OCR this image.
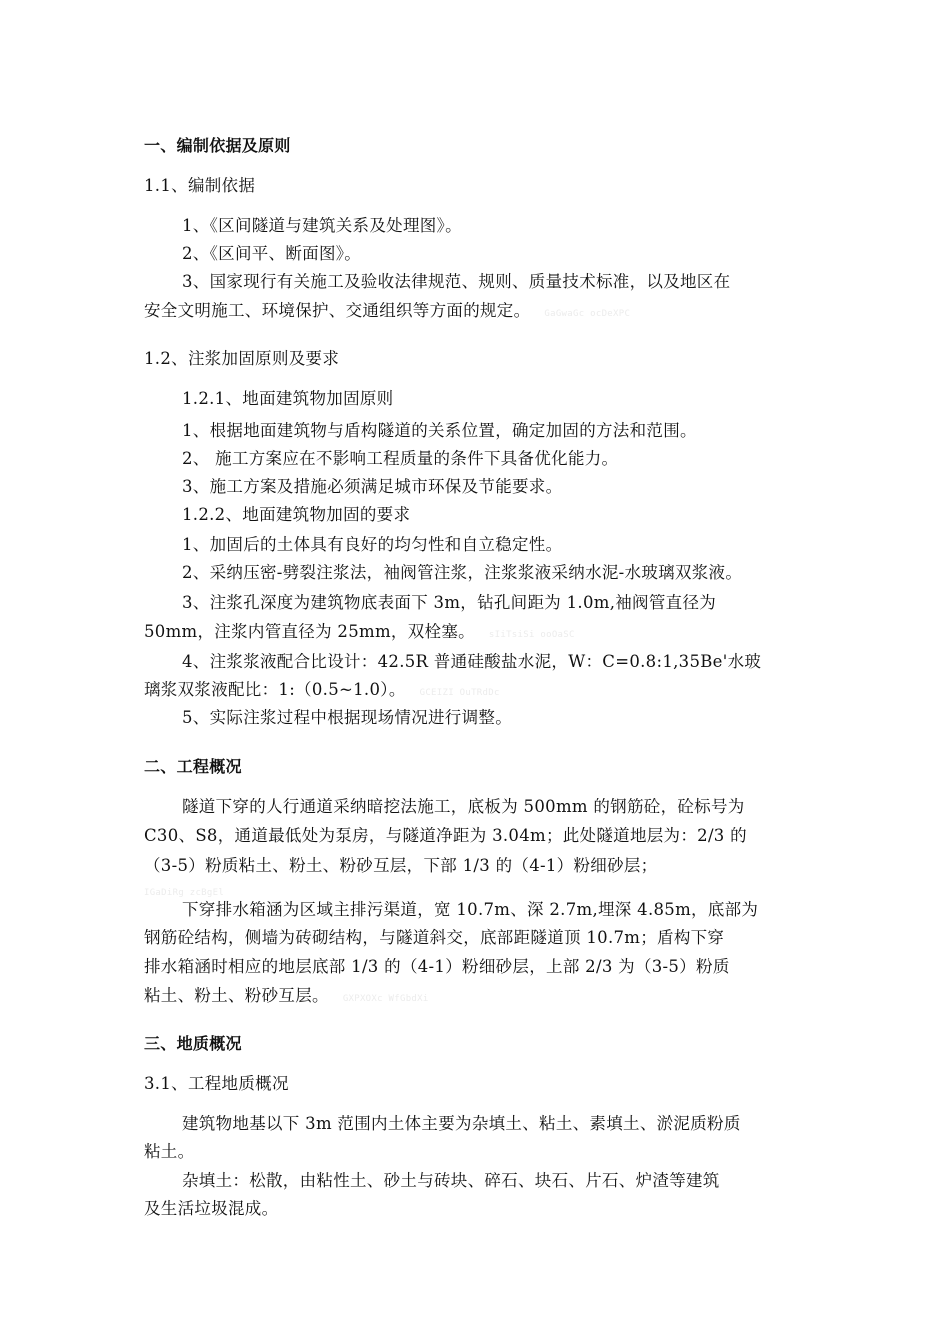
一、编制依据及原则
1.1、编制依据
1、《区间隧道与建筑关系及处理图》。
2、《区间平、断面图》。
3、国家现行有关施工及验收法律规范、规则、质量技术标准，以及地区在
安全文明施工、环境保护、交通组织等方面的规定。 GaGwaGc ocDeXPC
1.2、注浆加固原则及要求
1.2.1、地面建筑物加固原则
1、根据地面建筑物与盾构隧道的关系位置，确定加固的方法和范围。
2、 施工方案应在不影响工程质量的条件下具备优化能力。
3、施工方案及措施必须满足城市环保及节能要求。
1.2.2、地面建筑物加固的要求
1、加固后的土体具有良好的均匀性和自立稳定性。
2、采纳压密-劈裂注浆法，袖阀管注浆，注浆浆液采纳水泥-水玻璃双浆液。
3、注浆孔深度为建筑物底表面下 3m，钻孔间距为 1.0m,袖阀管直径为
50mm，注浆内管直径为 25mm，双栓塞。 sIiTsiSi ooOaSC
4、注浆浆液配合比设计：42.5R 普通硅酸盐水泥，W：C=0.8:1,35Be'水玻
璃浆双浆液配比：1:（0.5~1.0）。 GCEIZI OuTRdDc
5、实际注浆过程中根据现场情况进行调整。
二、工程概况
隧道下穿的人行通道采纳暗挖法施工，底板为 500mm 的钢筋砼，砼标号为
C30、S8，通道最低处为泵房，与隧道净距为 3.04m；此处隧道地层为：2/3 的
（3-5）粉质粘土、粉土、粉砂互层，下部 1/3 的（4-1）粉细砂层；
IGaDiRg zcBgEl
下穿排水箱涵为区域主排污渠道，宽 10.7m、深 2.7m,埋深 4.85m，底部为
钢筋砼结构，侧墙为砖砌结构，与隧道斜交，底部距隧道顶 10.7m；盾构下穿
排水箱涵时相应的地层底部 1/3 的（4-1）粉细砂层，上部 2/3 为（3-5）粉质
粘土、粉土、粉砂互层。 GXPXOXc WfGbdXi
三、地质概况
3.1、工程地质概况
建筑物地基以下 3m 范围内土体主要为杂填土、粘土、素填土、淤泥质粉质
粘土。
杂填土：松散，由粘性土、砂土与砖块、碎石、块石、片石、炉渣等建筑
及生活垃圾混成。
